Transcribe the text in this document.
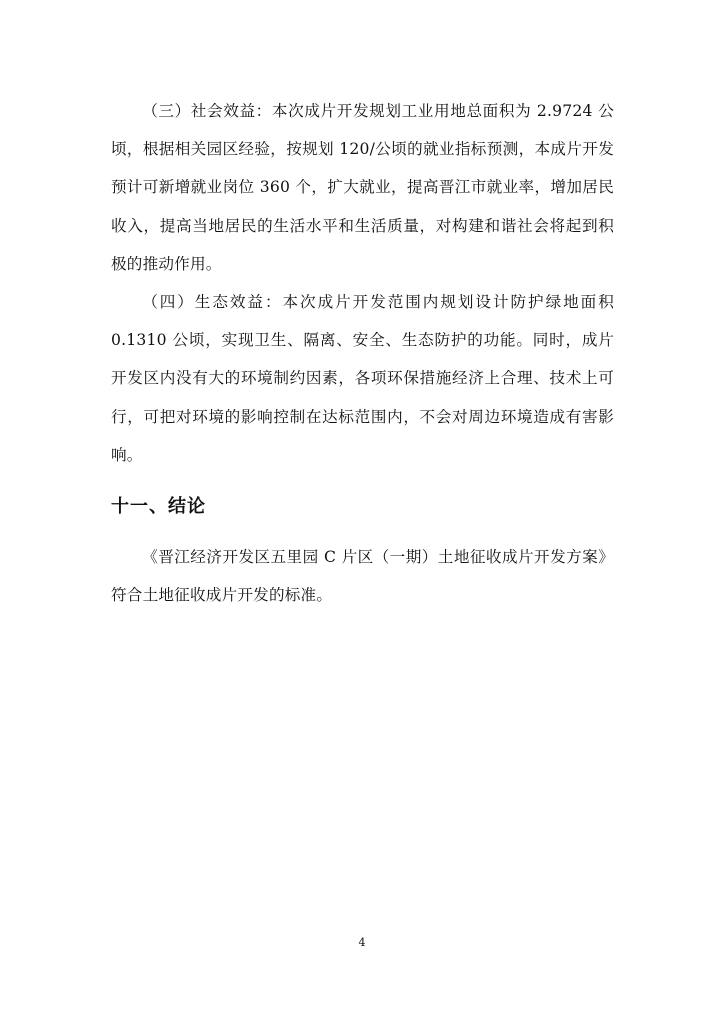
（三）社会效益：本次成片开发规划工业用地总面积为 2.9724 公顷，根据相关园区经验，按规划 120/公顷的就业指标预测，本成片开发预计可新增就业岗位 360 个，扩大就业，提高晋江市就业率，增加居民收入，提高当地居民的生活水平和生活质量，对构建和谐社会将起到积极的推动作用。

（四）生态效益：本次成片开发范围内规划设计防护绿地面积 0.1310 公顷，实现卫生、隔离、安全、生态防护的功能。同时，成片开发区内没有大的环境制约因素，各项环保措施经济上合理、技术上可行，可把对环境的影响控制在达标范围内，不会对周边环境造成有害影响。

十一、结论

《晋江经济开发区五里园 C 片区（一期）土地征收成片开发方案》符合土地征收成片开发的标准。

4
